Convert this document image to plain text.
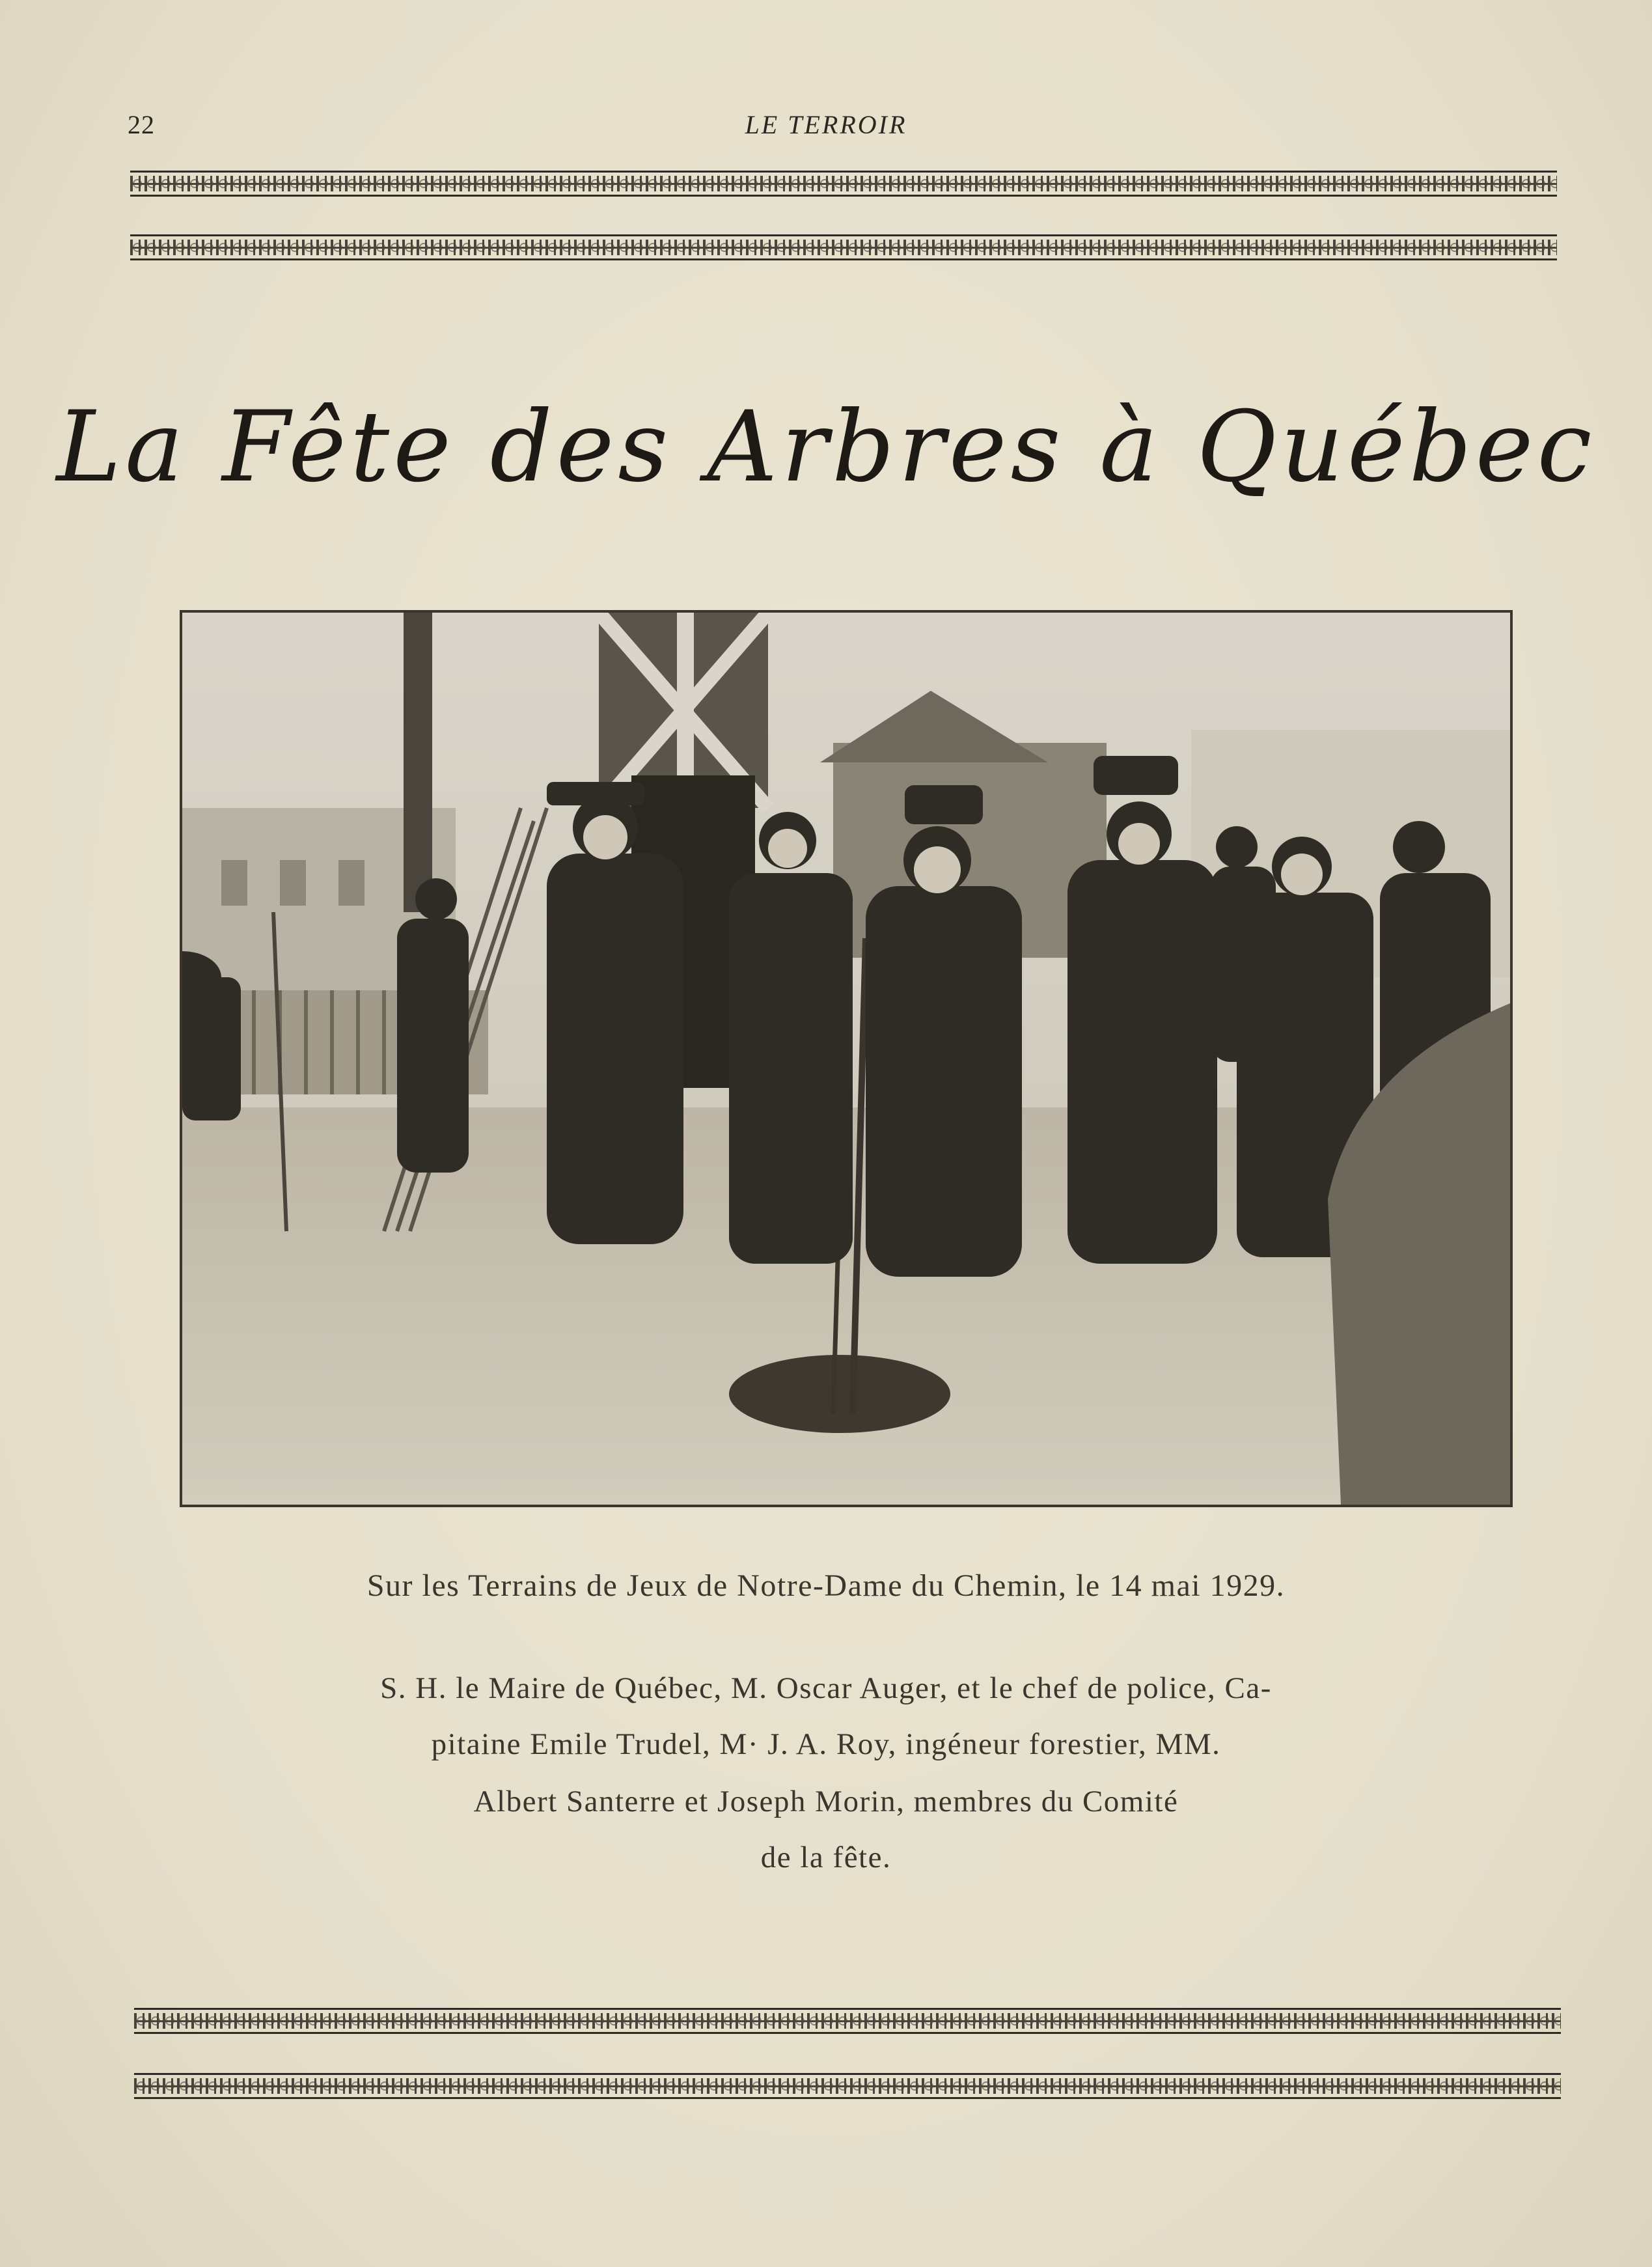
22	LE TERROIR
La Fête des Arbres à Québec
Sur les Terrains de Jeux de Notre-Dame du Chemin, le 14 mai 1929.
S. H. le Maire de Québec, M. Oscar Auger, et le chef de police, Ca-
pitaine Emile Trudel, M· J. A. Roy, ingéneur forestier, MM.
Albert Santerre et Joseph Morin, membres du Comité
de la fête.
